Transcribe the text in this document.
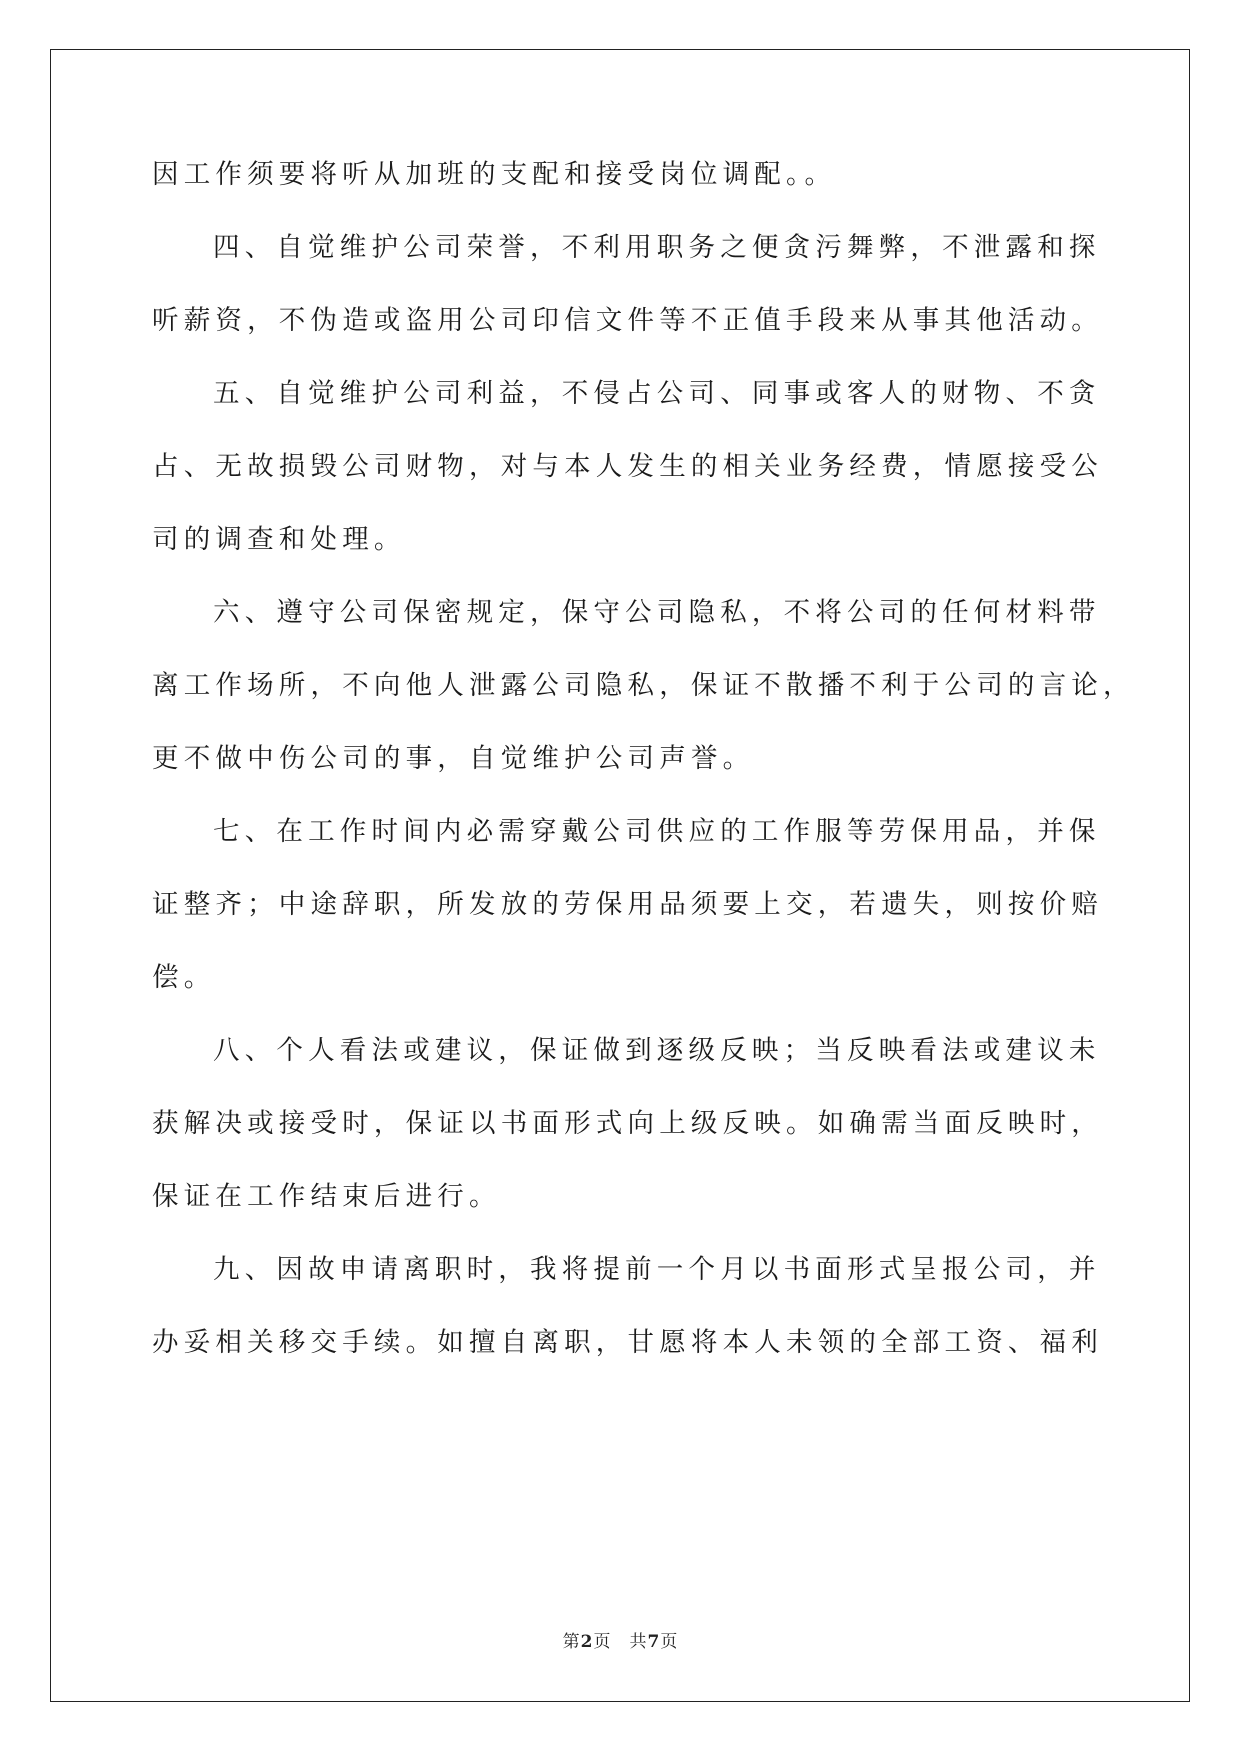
因工作须要将听从加班的支配和接受岗位调配。。
四、自觉维护公司荣誉，不利用职务之便贪污舞弊，不泄露和探
听薪资，不伪造或盗用公司印信文件等不正值手段来从事其他活动。
五、自觉维护公司利益，不侵占公司、同事或客人的财物、不贪
占、无故损毁公司财物，对与本人发生的相关业务经费，情愿接受公
司的调查和处理。
六、遵守公司保密规定，保守公司隐私，不将公司的任何材料带
离工作场所，不向他人泄露公司隐私，保证不散播不利于公司的言论，
更不做中伤公司的事，自觉维护公司声誉。
七、在工作时间内必需穿戴公司供应的工作服等劳保用品，并保
证整齐；中途辞职，所发放的劳保用品须要上交，若遗失，则按价赔
偿。
八、个人看法或建议，保证做到逐级反映；当反映看法或建议未
获解决或接受时，保证以书面形式向上级反映。如确需当面反映时，
保证在工作结束后进行。
九、因故申请离职时，我将提前一个月以书面形式呈报公司，并
办妥相关移交手续。如擅自离职，甘愿将本人未领的全部工资、福利
第2页 共7页
